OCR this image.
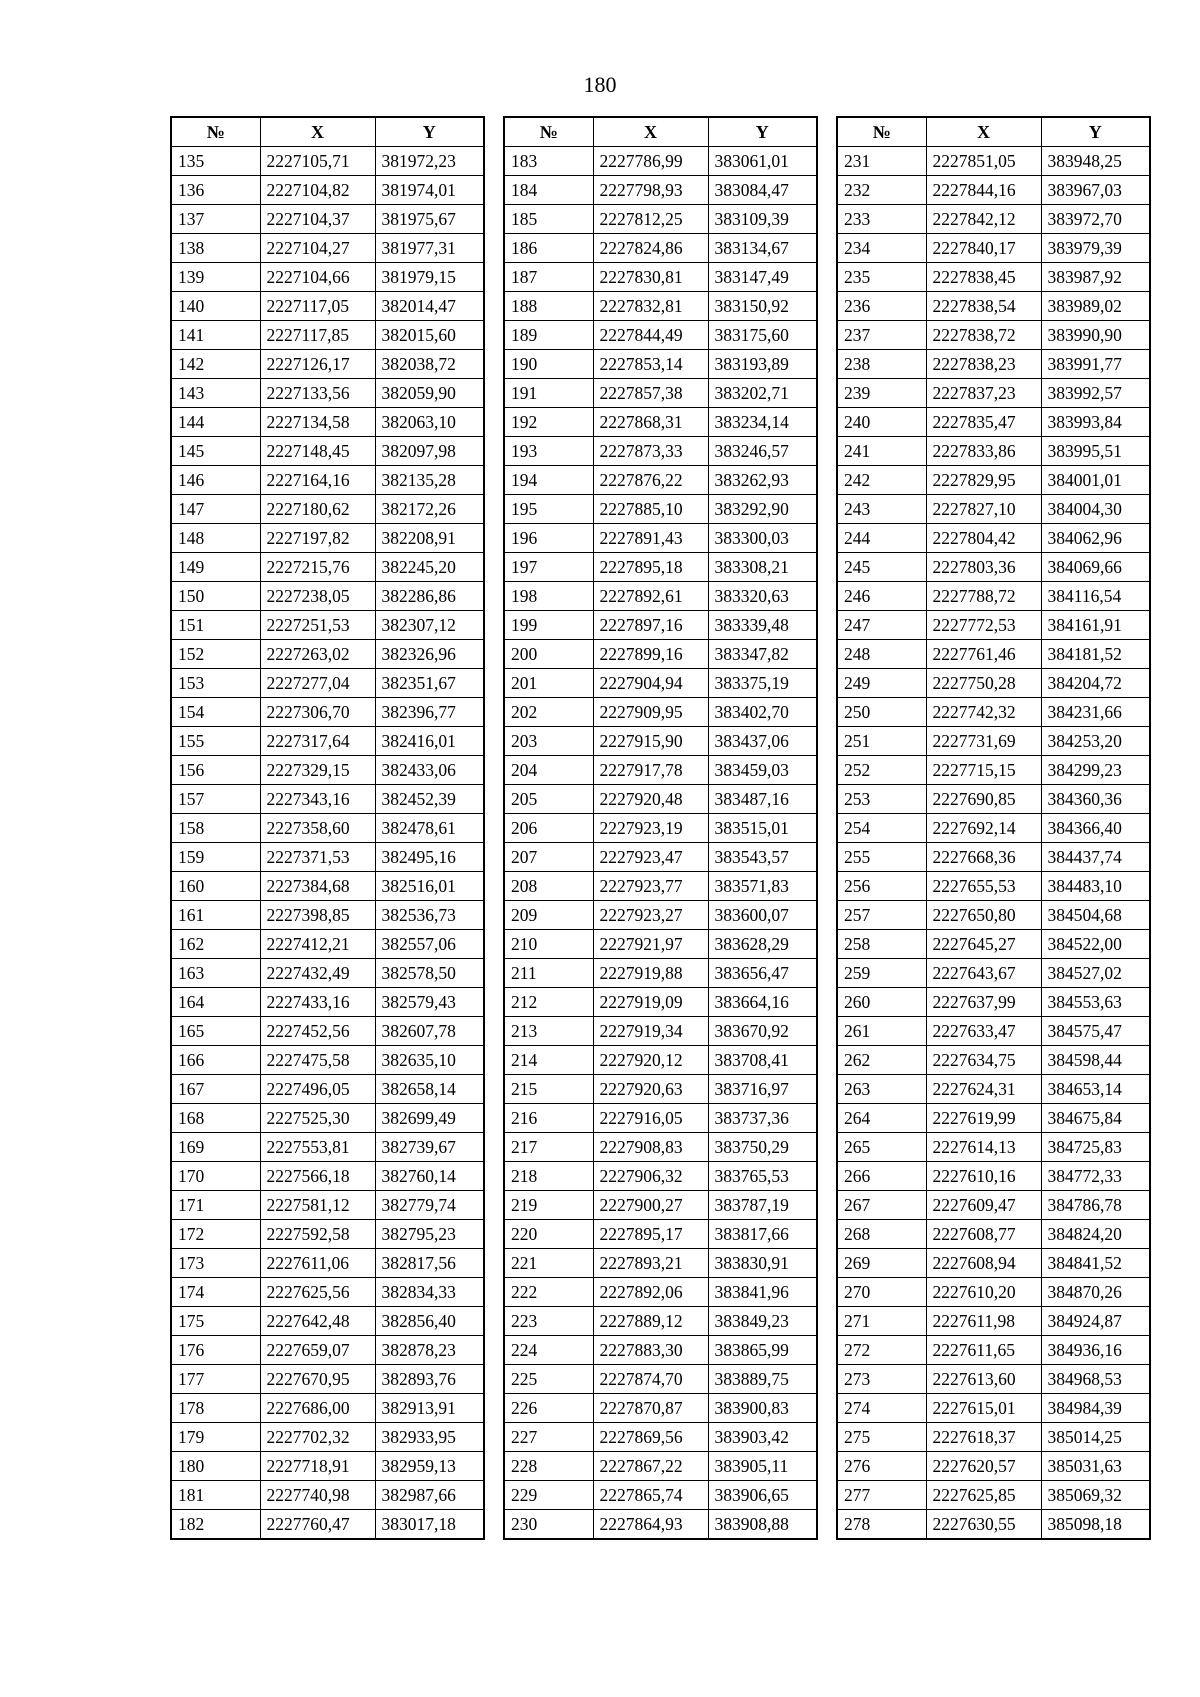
180
№	X	Y
135	2227105,71	381972,23
136	2227104,82	381974,01
137	2227104,37	381975,67
138	2227104,27	381977,31
139	2227104,66	381979,15
140	2227117,05	382014,47
141	2227117,85	382015,60
142	2227126,17	382038,72
143	2227133,56	382059,90
144	2227134,58	382063,10
145	2227148,45	382097,98
146	2227164,16	382135,28
147	2227180,62	382172,26
148	2227197,82	382208,91
149	2227215,76	382245,20
150	2227238,05	382286,86
151	2227251,53	382307,12
152	2227263,02	382326,96
153	2227277,04	382351,67
154	2227306,70	382396,77
155	2227317,64	382416,01
156	2227329,15	382433,06
157	2227343,16	382452,39
158	2227358,60	382478,61
159	2227371,53	382495,16
160	2227384,68	382516,01
161	2227398,85	382536,73
162	2227412,21	382557,06
163	2227432,49	382578,50
164	2227433,16	382579,43
165	2227452,56	382607,78
166	2227475,58	382635,10
167	2227496,05	382658,14
168	2227525,30	382699,49
169	2227553,81	382739,67
170	2227566,18	382760,14
171	2227581,12	382779,74
172	2227592,58	382795,23
173	2227611,06	382817,56
174	2227625,56	382834,33
175	2227642,48	382856,40
176	2227659,07	382878,23
177	2227670,95	382893,76
178	2227686,00	382913,91
179	2227702,32	382933,95
180	2227718,91	382959,13
181	2227740,98	382987,66
182	2227760,47	383017,18
№	X	Y
183	2227786,99	383061,01
184	2227798,93	383084,47
185	2227812,25	383109,39
186	2227824,86	383134,67
187	2227830,81	383147,49
188	2227832,81	383150,92
189	2227844,49	383175,60
190	2227853,14	383193,89
191	2227857,38	383202,71
192	2227868,31	383234,14
193	2227873,33	383246,57
194	2227876,22	383262,93
195	2227885,10	383292,90
196	2227891,43	383300,03
197	2227895,18	383308,21
198	2227892,61	383320,63
199	2227897,16	383339,48
200	2227899,16	383347,82
201	2227904,94	383375,19
202	2227909,95	383402,70
203	2227915,90	383437,06
204	2227917,78	383459,03
205	2227920,48	383487,16
206	2227923,19	383515,01
207	2227923,47	383543,57
208	2227923,77	383571,83
209	2227923,27	383600,07
210	2227921,97	383628,29
211	2227919,88	383656,47
212	2227919,09	383664,16
213	2227919,34	383670,92
214	2227920,12	383708,41
215	2227920,63	383716,97
216	2227916,05	383737,36
217	2227908,83	383750,29
218	2227906,32	383765,53
219	2227900,27	383787,19
220	2227895,17	383817,66
221	2227893,21	383830,91
222	2227892,06	383841,96
223	2227889,12	383849,23
224	2227883,30	383865,99
225	2227874,70	383889,75
226	2227870,87	383900,83
227	2227869,56	383903,42
228	2227867,22	383905,11
229	2227865,74	383906,65
230	2227864,93	383908,88
№	X	Y
231	2227851,05	383948,25
232	2227844,16	383967,03
233	2227842,12	383972,70
234	2227840,17	383979,39
235	2227838,45	383987,92
236	2227838,54	383989,02
237	2227838,72	383990,90
238	2227838,23	383991,77
239	2227837,23	383992,57
240	2227835,47	383993,84
241	2227833,86	383995,51
242	2227829,95	384001,01
243	2227827,10	384004,30
244	2227804,42	384062,96
245	2227803,36	384069,66
246	2227788,72	384116,54
247	2227772,53	384161,91
248	2227761,46	384181,52
249	2227750,28	384204,72
250	2227742,32	384231,66
251	2227731,69	384253,20
252	2227715,15	384299,23
253	2227690,85	384360,36
254	2227692,14	384366,40
255	2227668,36	384437,74
256	2227655,53	384483,10
257	2227650,80	384504,68
258	2227645,27	384522,00
259	2227643,67	384527,02
260	2227637,99	384553,63
261	2227633,47	384575,47
262	2227634,75	384598,44
263	2227624,31	384653,14
264	2227619,99	384675,84
265	2227614,13	384725,83
266	2227610,16	384772,33
267	2227609,47	384786,78
268	2227608,77	384824,20
269	2227608,94	384841,52
270	2227610,20	384870,26
271	2227611,98	384924,87
272	2227611,65	384936,16
273	2227613,60	384968,53
274	2227615,01	384984,39
275	2227618,37	385014,25
276	2227620,57	385031,63
277	2227625,85	385069,32
278	2227630,55	385098,18
